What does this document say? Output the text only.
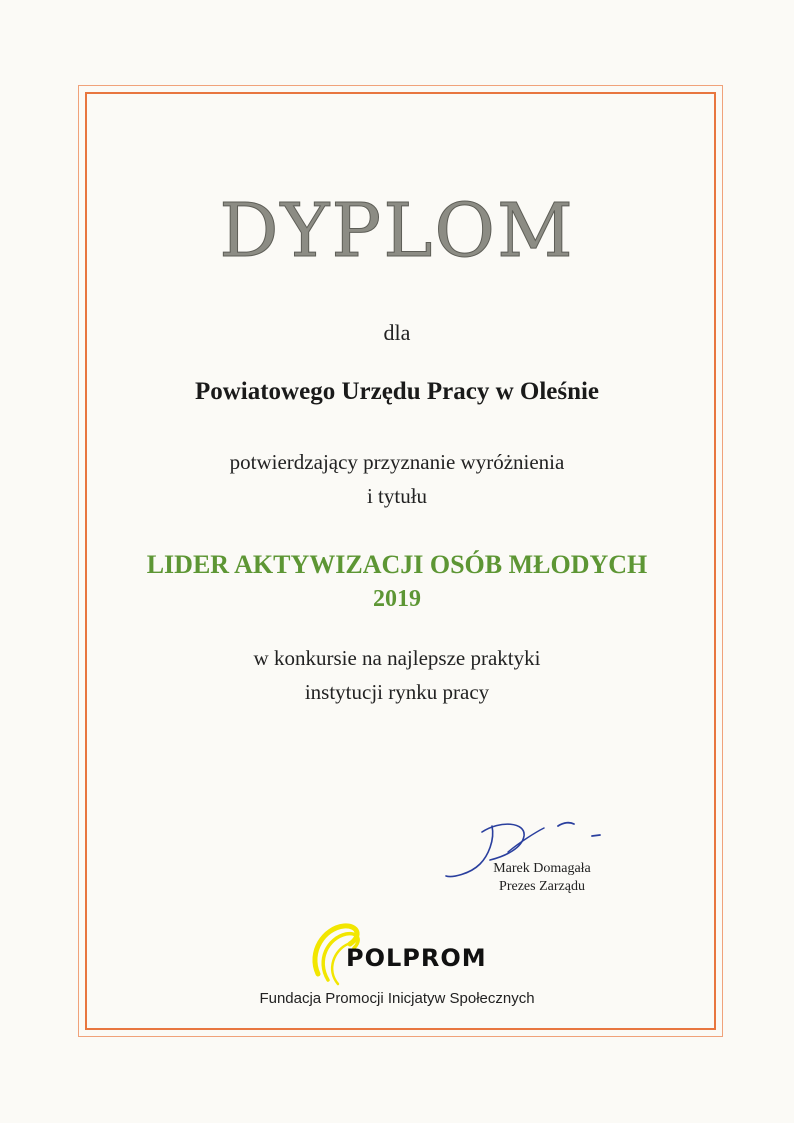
DYPLOM
dla
Powiatowego Urzędu Pracy w Oleśnie
potwierdzający przyznanie wyróżnienia
i tytułu
LIDER AKTYWIZACJI OSÓB MŁODYCH
2019
w konkursie na najlepsze praktyki
instytucji rynku pracy
Marek Domagała
Prezes Zarządu
POLPROM
Fundacja Promocji Inicjatyw Społecznych
